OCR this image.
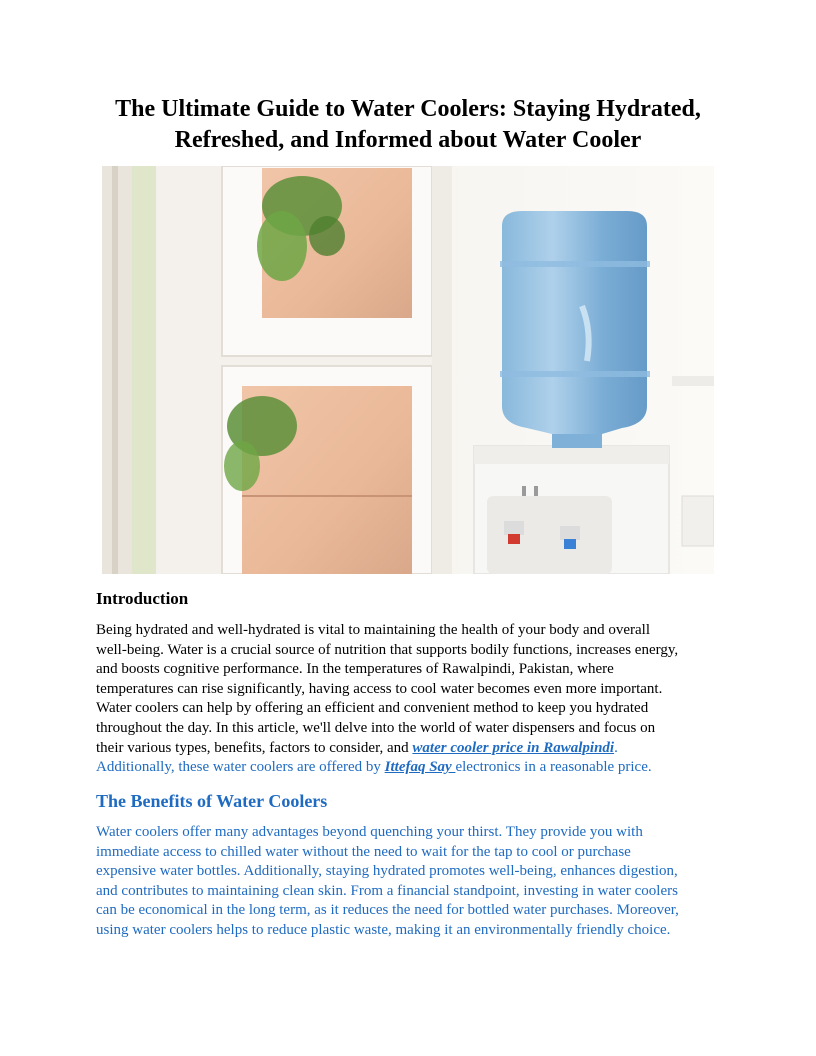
The Ultimate Guide to Water Coolers: Staying Hydrated,
Refreshed, and Informed about Water Cooler
Introduction
Being hydrated and well-hydrated is vital to maintaining the health of your body and overall
well-being. Water is a crucial source of nutrition that supports bodily functions, increases energy,
and boosts cognitive performance. In the temperatures of Rawalpindi, Pakistan, where
temperatures can rise significantly, having access to cool water becomes even more important.
Water coolers can help by offering an efficient and convenient method to keep you hydrated
throughout the day. In this article, we'll delve into the world of water dispensers and focus on
their various types, benefits, factors to consider, and water cooler price in Rawalpindi.
Additionally, these water coolers are offered by Ittefaq Say electronics in a reasonable price.
The Benefits of Water Coolers
Water coolers offer many advantages beyond quenching your thirst. They provide you with
immediate access to chilled water without the need to wait for the tap to cool or purchase
expensive water bottles. Additionally, staying hydrated promotes well-being, enhances digestion,
and contributes to maintaining clean skin. From a financial standpoint, investing in water coolers
can be economical in the long term, as it reduces the need for bottled water purchases. Moreover,
using water coolers helps to reduce plastic waste, making it an environmentally friendly choice.
